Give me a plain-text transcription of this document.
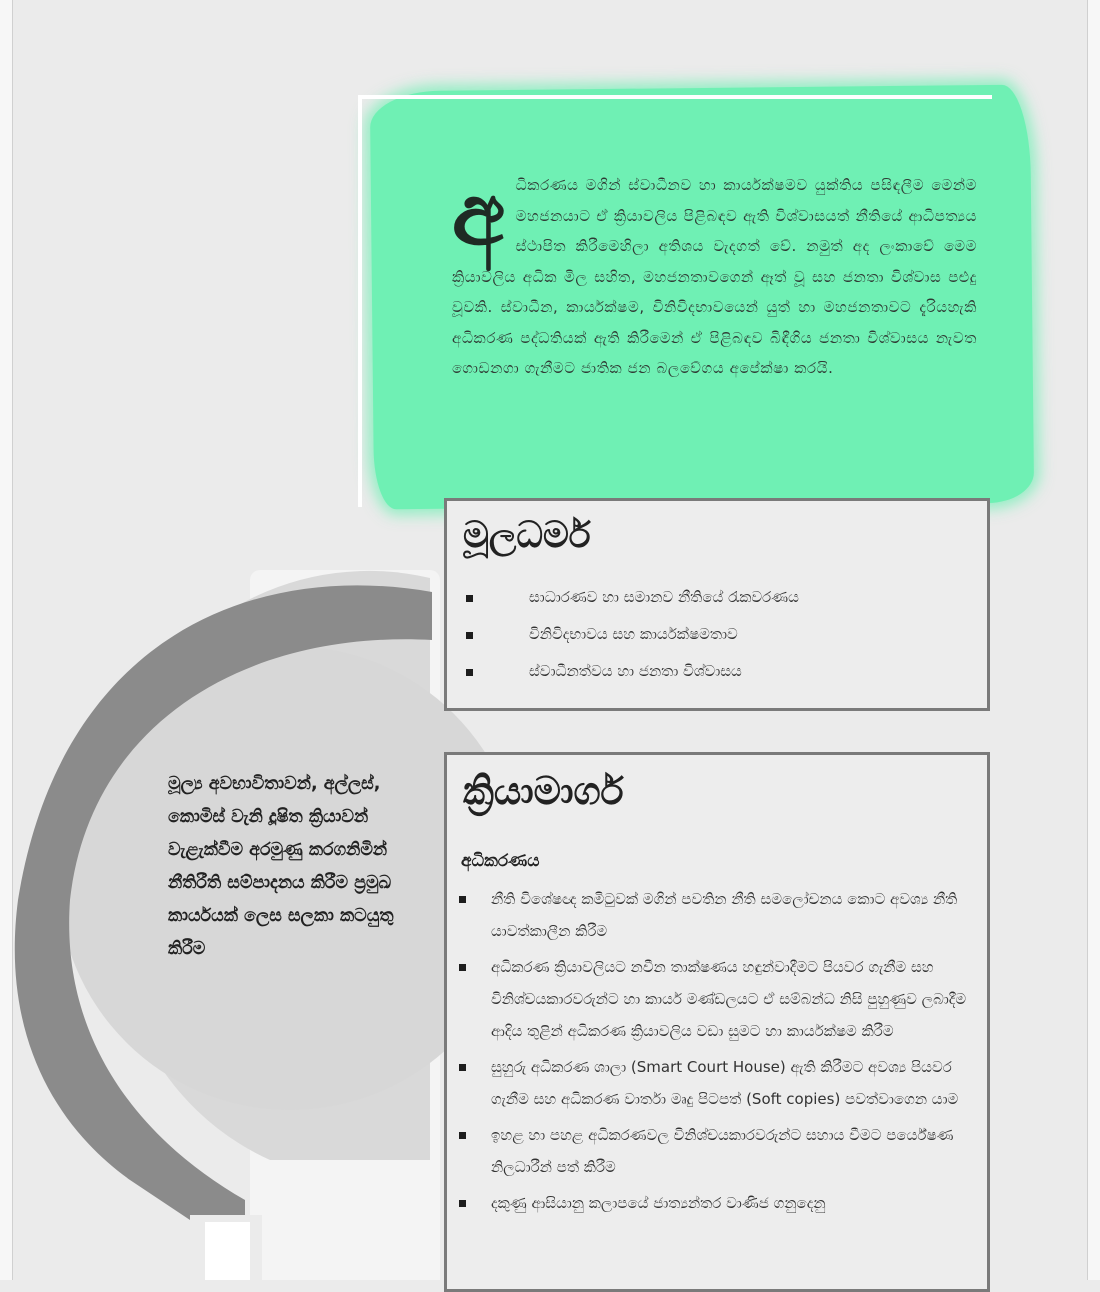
අ ධිකරණය මගින් ස්වාධීනව හා කාර්යක්ෂමව යුක්තිය පසිඳලීම මෙන්ම මහජනයාට ඒ ක්‍රියාවලිය පිළිබඳව ඇති විශ්වාසයත් නීතියේ ආධිපත්‍යය ස්ථාපිත කිරීමෙහිලා අතිශය වැදගත් වේ. නමුත් අද ලංකාවේ මෙම ක්‍රියාවලිය අධික මිල සහිත, මහජනතාවගෙන් ඈත් වූ සහ ජනතා විශ්වාස පළුදු වූවකි. ස්වාධීන, කාර්යක්ෂම, විනිවිදභාවයෙන් යුත් හා මහජනතාවට දැරියහැකි අධිකරණ පද්ධතියක් ඇති කිරීමෙන් ඒ පිළිබඳව බිඳීගිය ජනතා විශ්වාසය නැවත ගොඩනගා ගැනීමට ජාතික ජන බලවේගය අපේක්ෂා කරයි.
මූලධර්ම
සාධාරණව හා සමානව නීතියේ රැකවරණය
විනිවිදභාවය සහ කාර්යක්ෂමතාව
ස්වාධීනත්වය හා ජනතා විශ්වාසය
ක්‍රියාමාර්ග
අධිකරණය
නීති විශේෂඥ කමිටුවක් මගින් පවතින නීති සමලෝචනය කොට අවශ්‍ය නීති යාවත්කාලීන කිරීම
අධිකරණ ක්‍රියාවලියට නවීන තාක්ෂණය හඳුන්වාදීමට පියවර ගැනීම සහ විනිශ්චයකාරවරුන්ට හා කාර්ය මණ්ඩලයට ඒ සම්බන්ධ නිසි පුහුණුව ලබාදීම ආදිය තුළින් අධිකරණ ක්‍රියාවලිය වඩා සුමට හා කාර්යක්ෂම කිරීම
සුහුරු අධිකරණ ශාලා (Smart Court House) ඇති කිරීමට අවශ්‍ය පියවර ගැනීම සහ අධිකරණ වාර්තා මෘදු පිටපත් (Soft copies) පවත්වාගෙන යාම
ඉහළ හා පහළ අධිකරණවල විනිශ්චයකාරවරුන්ට සහාය වීමට පර්යේෂණ නිලධාරීන් පත් කිරීම
දකුණු ආසියානු කලාපයේ ජාත්‍යන්තර වාණිජ ගනුදෙනු
මූල්‍ය අවභාවිතාවන්, අල්ලස්, කොමිස් වැනි දූෂිත ක්‍රියාවන් වැළැක්වීම අරමුණු කරගනිමින් නීතිරීති සම්පාදනය කිරීම ප්‍රමුඛ කාර්යයක් ලෙස සලකා කටයුතු කිරීම
